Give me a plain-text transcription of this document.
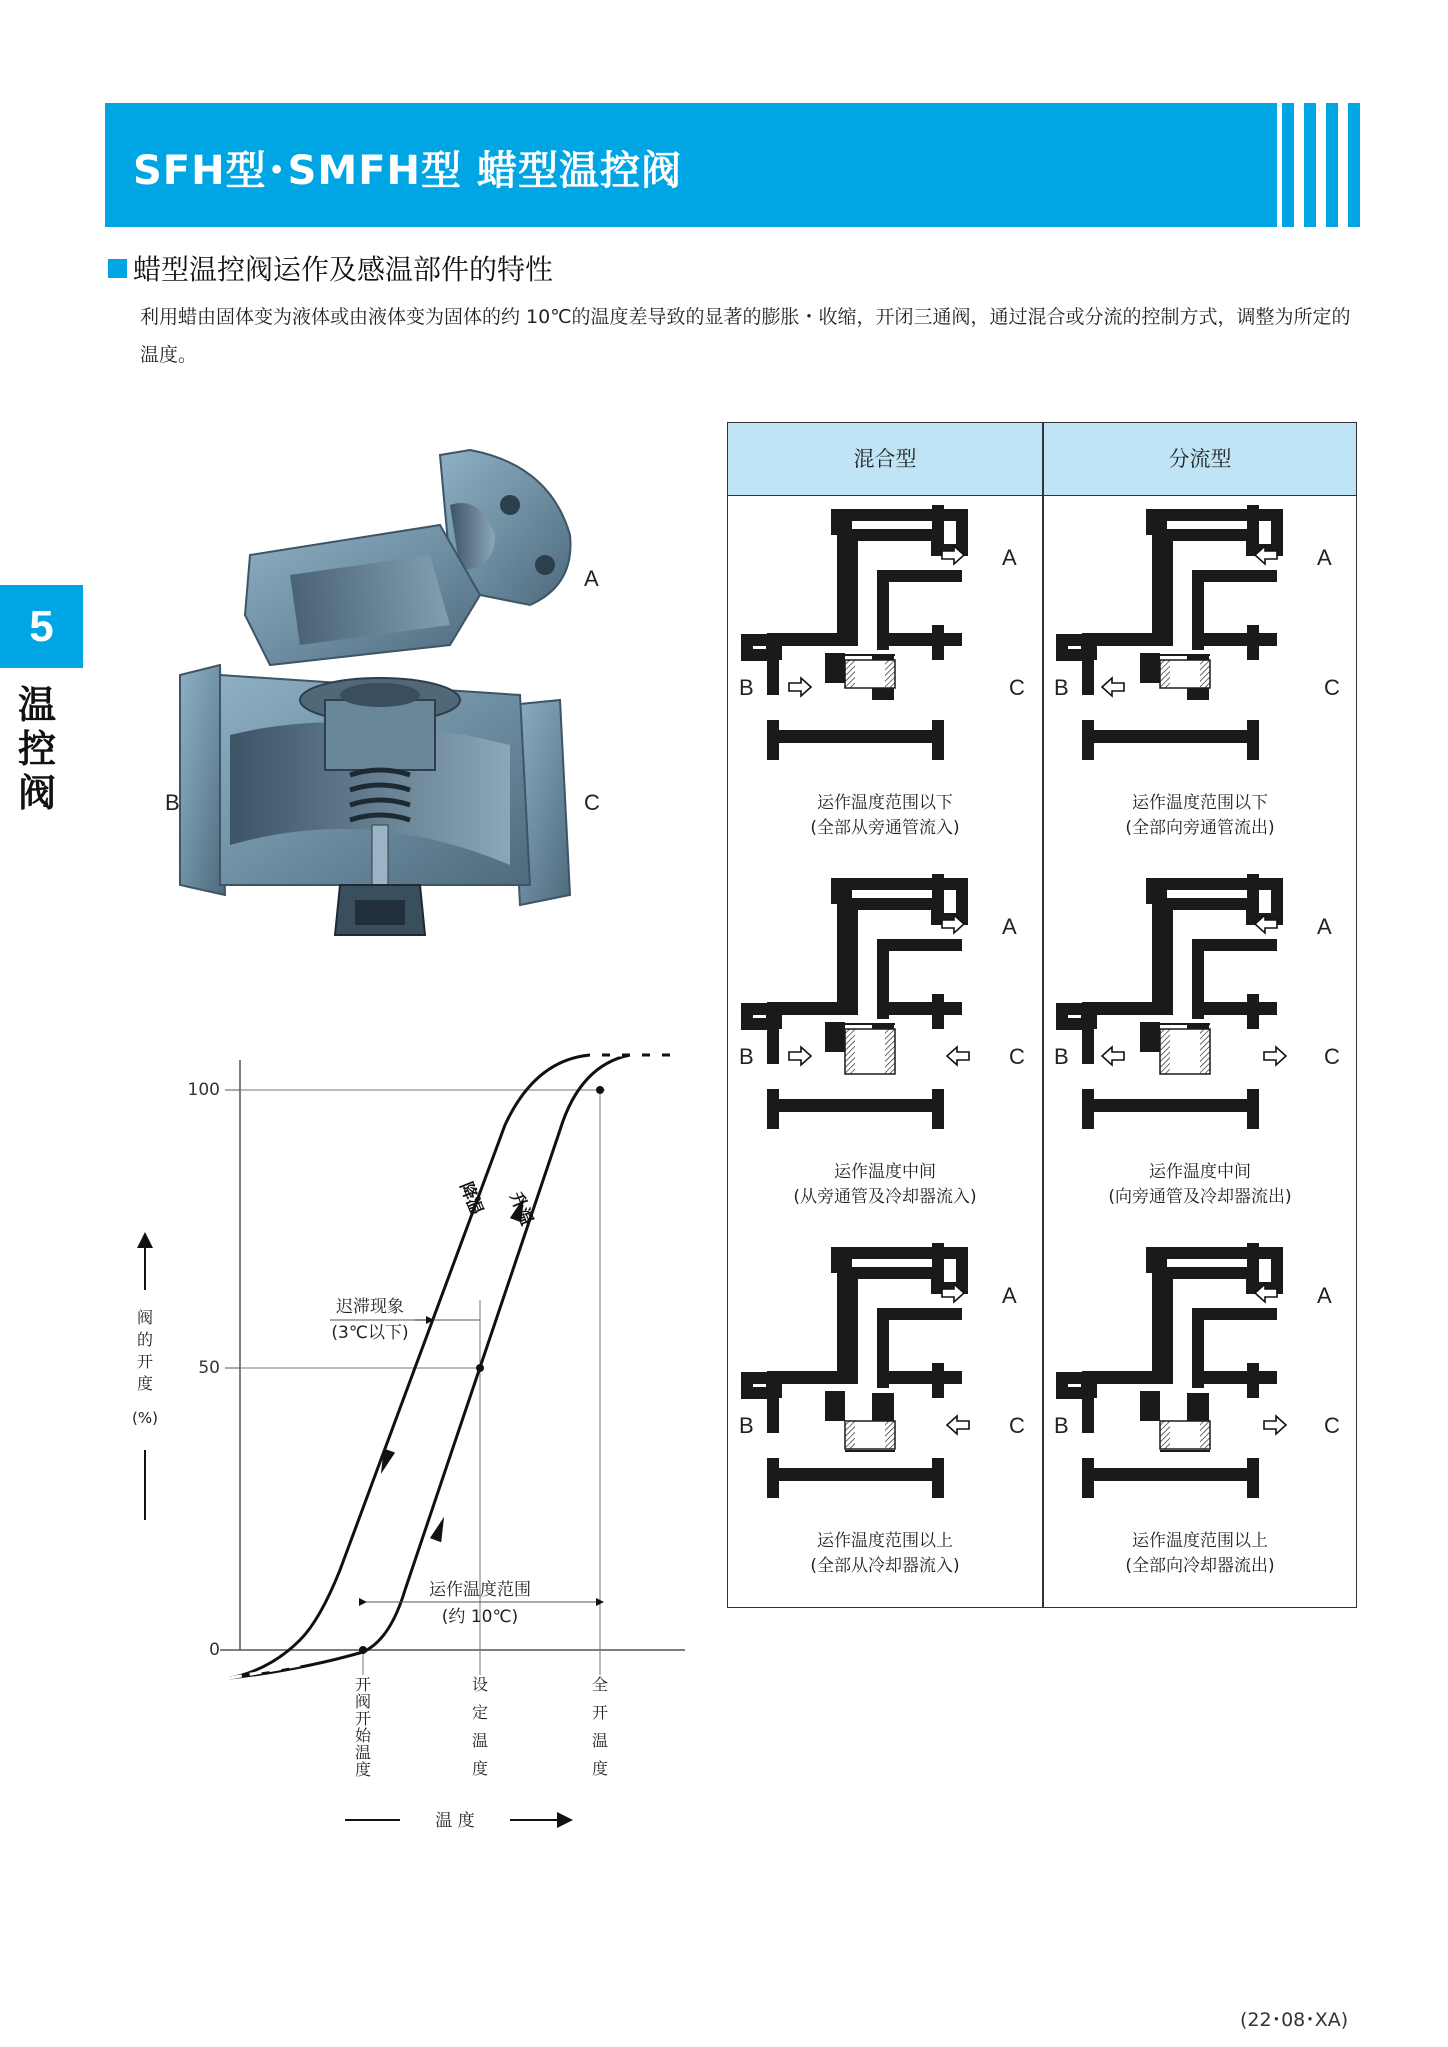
SFH型･SMFH型 蜡型温控阀
蜡型温控阀运作及感温部件的特性
利用蜡由固体变为液体或由液体变为固体的约 10℃的温度差导致的显著的膨胀・收缩，开闭三通阀，通过混合或分流的控制方式，调整为所定的温度。
5
温控阀
A
B	C
混合型	分流型
运作温度范围以下
(全部从旁通管流入)
运作温度范围以下
(全部向旁通管流出)
运作温度中间
(从旁通管及冷却器流入)
运作温度中间
(向旁通管及冷却器流出)
运作温度范围以上
(全部从冷却器流入)
运作温度范围以上
(全部向冷却器流出)
A
B	C
A
B	C
A
B	C
A
B	C
A
B	C
A
B	C
100
50
0
降温 升温
迟滞现象
(3℃以下)
运作温度范围
(约 10℃)
阀的开度
(%)
开阀开始温度
设定温度
全开温度
温 度
(22･08･XA)
